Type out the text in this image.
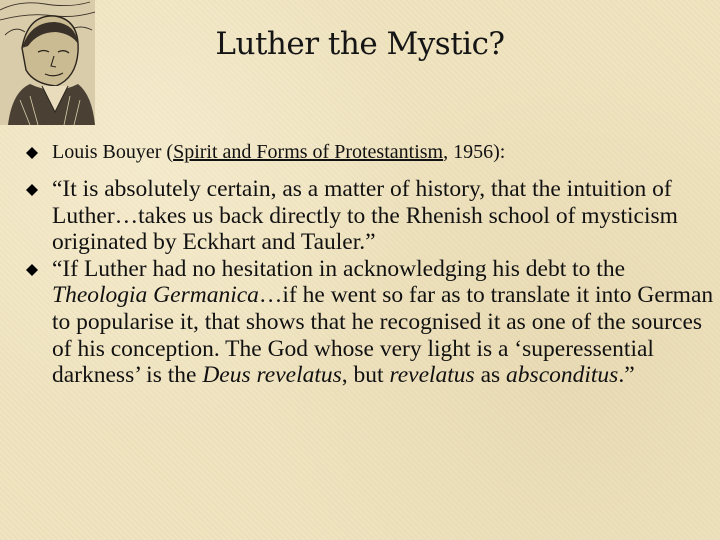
Luther the Mystic?
Louis Bouyer (Spirit and Forms of Protestantism, 1956):
“It is absolutely certain, as a matter of history, that the intuition of Luther…takes us back directly to the Rhenish school of mysticism originated by Eckhart and Tauler.”
“If Luther had no hesitation in acknowledging his debt to the Theologia Germanica…if he went so far as to translate it into German to popularise it, that shows that he recognised it as one of the sources of his conception. The God whose very light is a ‘superessential darkness’ is the Deus revelatus, but revelatus as absconditus.”
